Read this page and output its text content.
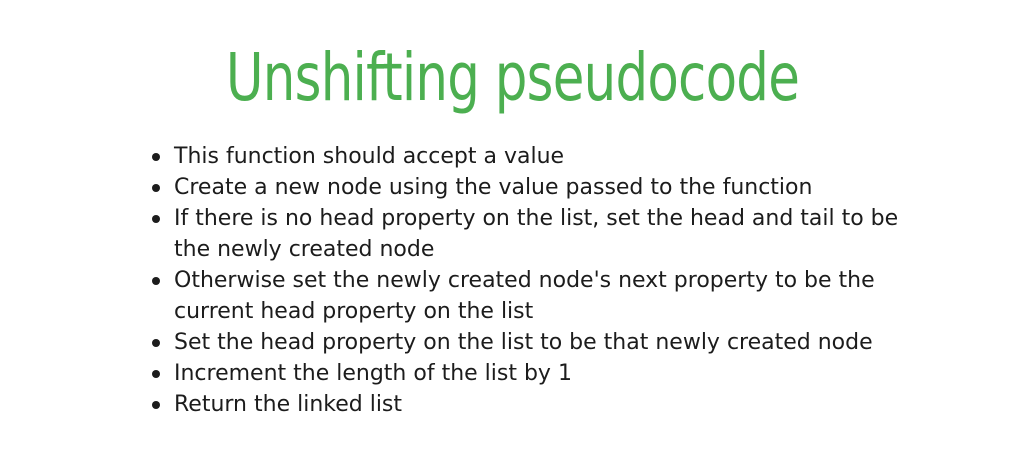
Unshifting pseudocode
This function should accept a value
Create a new node using the value passed to the function
If there is no head property on the list, set the head and tail to be the newly created node
Otherwise set the newly created node's next property to be the current head property on the list
Set the head property on the list to be that newly created node
Increment the length of the list by 1
Return the linked list
